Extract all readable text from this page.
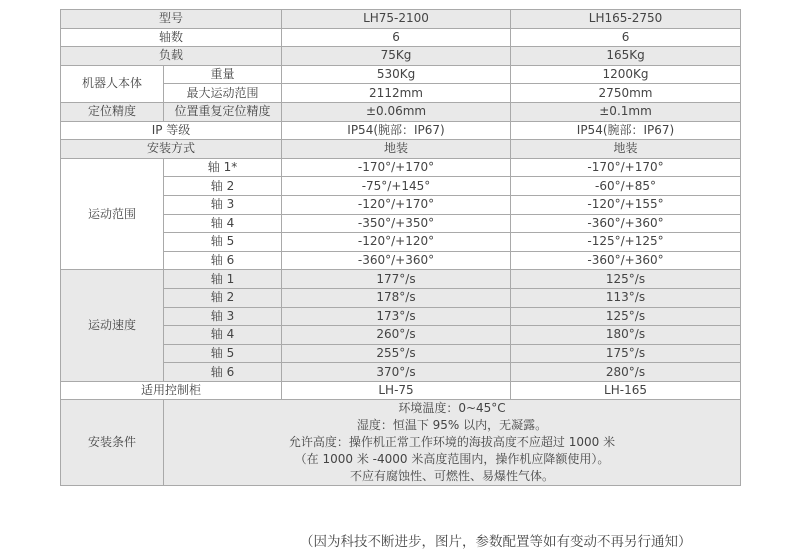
型号		LH75-2100	LH165-2750
轴数		6	6
负载		75Kg	165Kg
机器人本体	重量	530Kg	1200Kg
	最大运动范围	2112mm	2750mm
定位精度	位置重复定位精度	±0.06mm	±0.1mm
IP 等级		IP54(腕部：IP67)	IP54(腕部：IP67)
安装方式		地装	地装
运动范围	轴 1*	-170°/+170°	-170°/+170°
	轴 2	-75°/+145°	-60°/+85°
	轴 3	-120°/+170°	-120°/+155°
	轴 4	-350°/+350°	-360°/+360°
	轴 5	-120°/+120°	-125°/+125°
	轴 6	-360°/+360°	-360°/+360°
运动速度	轴 1	177°/s	125°/s
	轴 2	178°/s	113°/s
	轴 3	173°/s	125°/s
	轴 4	260°/s	180°/s
	轴 5	255°/s	175°/s
	轴 6	370°/s	280°/s
适用控制柜		LH-75	LH-165
安装条件	环境温度：0~45°C
湿度：恒温下 95% 以内，无凝露。
允许高度：操作机正常工作环境的海拔高度不应超过 1000 米
（在 1000 米 -4000 米高度范围内，操作机应降额使用）。
不应有腐蚀性、可燃性、易爆性气体。		
（因为科技不断进步，图片，参数配置等如有变动不再另行通知）
